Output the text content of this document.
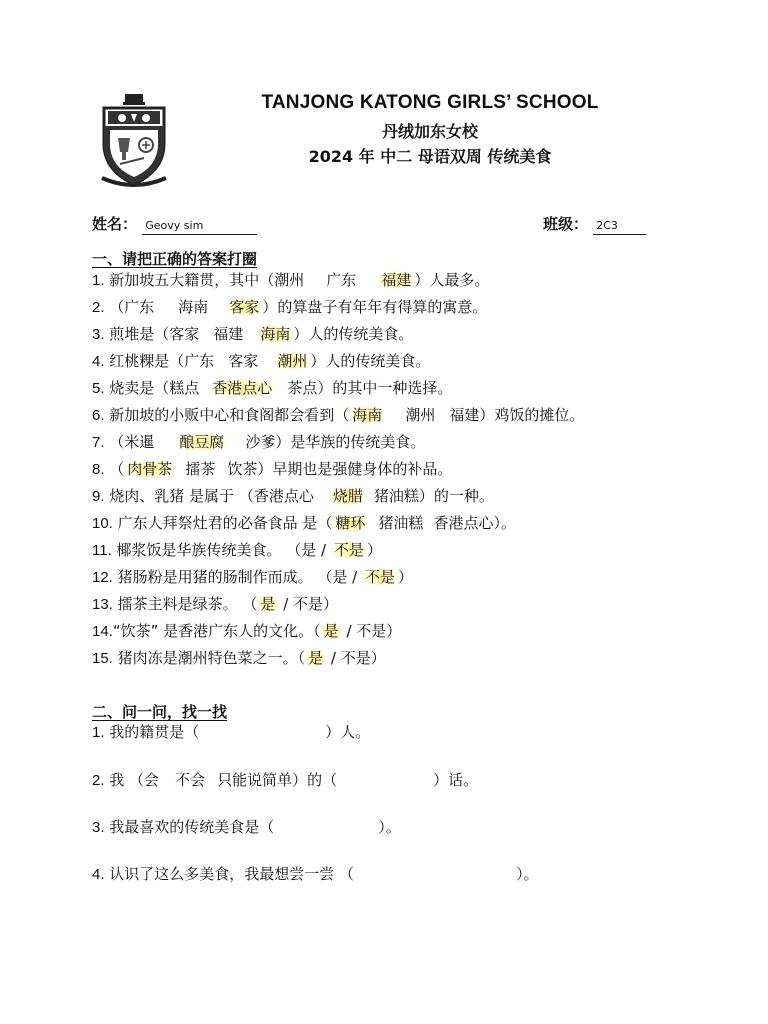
TANJONG KATONG GIRLS’ SCHOOL
丹绒加东女校
2024 年 中二 母语双周 传统美食
姓名： Geovy sim	班级： 2C3
一、请把正确的答案打圈
1. 新加坡五大籍贯，其中（潮州 广东 福建 ）人最多。
2. （广东 海南 客家 ）的算盘子有年年有得算的寓意。
3. 煎堆是（客家 福建 海南 ）人的传统美食。
4. 红桃粿是（广东 客家 潮州 ）人的传统美食。
5. 烧卖是（糕点 香港点心 茶点）的其中一种选择。
6. 新加坡的小贩中心和食阁都会看到（ 海南 潮州 福建）鸡饭的摊位。
7. （米暹 酿豆腐 沙爹）是华族的传统美食。
8. （ 肉骨茶 擂茶 饮茶）早期也是强健身体的补品。
9. 烧肉、乳猪 是属于 （香港点心 烧腊 猪油糕）的一种。
10. 广东人拜祭灶君的必备食品 是（ 糖环 猪油糕 香港点心）。
11. 椰浆饭是华族传统美食。 （是 / 不是 ）
12. 猪肠粉是用猪的肠制作而成。 （是 / 不是 ）
13. 擂茶主料是绿茶。 （ 是 / 不是）
14.“饮茶” 是香港广东人的文化。（ 是 / 不是）
15. 猪肉冻是潮州特色菜之一。（ 是 / 不是）
二、问一问，找一找
1. 我的籍贯是（	）人。
2. 我 （会 不会 只能说简单）的（	）话。
3. 我最喜欢的传统美食是（	）。
4. 认识了这么多美食，我最想尝一尝 （	）。
